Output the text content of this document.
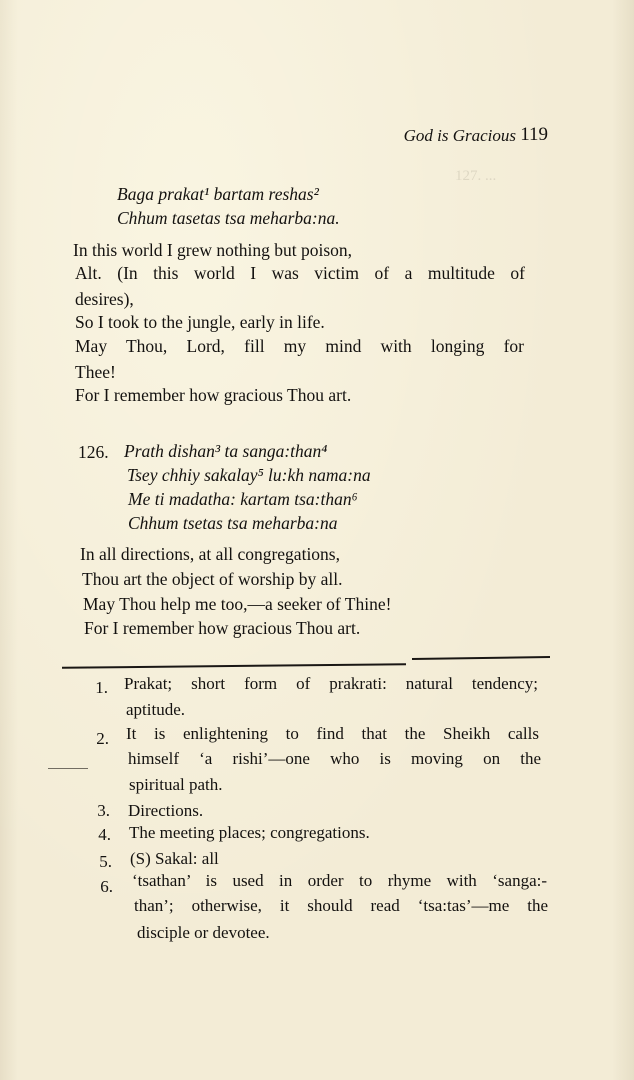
127. ...
God is Gracious 119
Baga prakat¹ bartam reshas²
Chhum tasetas tsa meharba:na.
In this world I grew nothing but poison,
Alt. (In this world I was victim of a multitude of
desires),
So I took to the jungle, early in life.
May Thou, Lord, fill my mind with longing for
Thee!
For I remember how gracious Thou art.
126. Prath dishan³ ta sanga:than⁴
Tsey chhiy sakalay⁵ lu:kh nama:na
Me ti madatha: kartam tsa:than⁶
Chhum tsetas tsa meharba:na
In all directions, at all congregations,
Thou art the object of worship by all.
May Thou help me too,—a seeker of Thine!
For I remember how gracious Thou art.
1. Prakat; short form of prakrati: natural tendency;
aptitude.
2. It is enlightening to find that the Sheikh calls
himself ‘a rishi’—one who is moving on the
spiritual path.
3. Directions.
4. The meeting places; congregations.
5. (S) Sakal: all
6. ‘tsathan’ is used in order to rhyme with ‘sanga:-
than’; otherwise, it should read ‘tsa:tas’—me the
disciple or devotee.
